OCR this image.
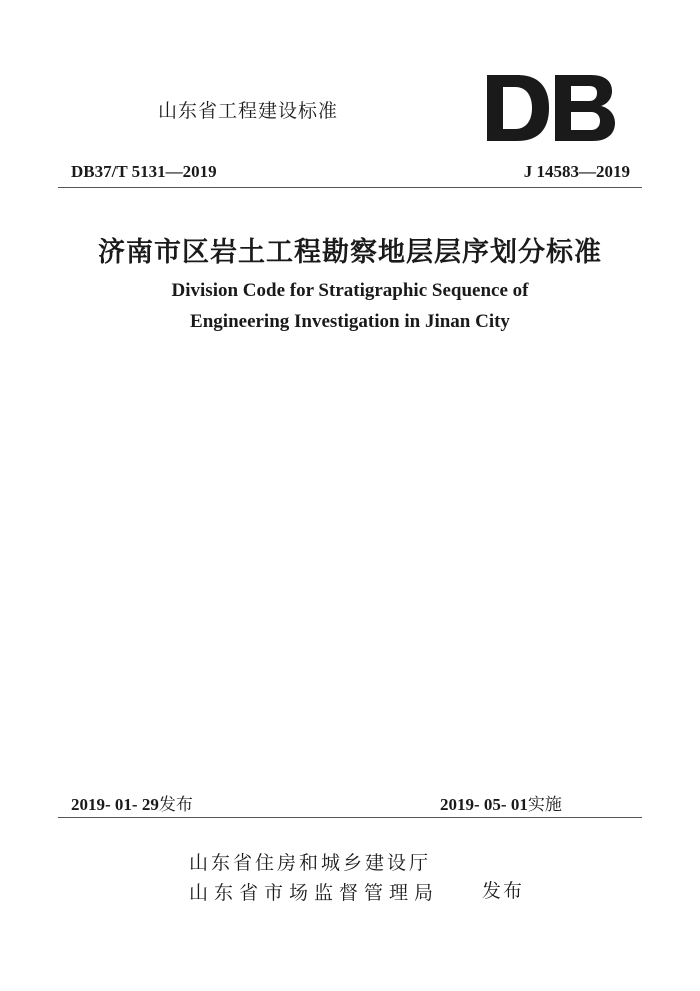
山东省工程建设标准
DB37/T 5131—2019	J 14583—2019
济南市区岩土工程勘察地层层序划分标准
Division Code for Stratigraphic Sequence of
Engineering Investigation in Jinan City
2019- 01- 29发布	2019- 05- 01实施
山东省住房和城乡建设厅
山东省市场监督管理局 发布
